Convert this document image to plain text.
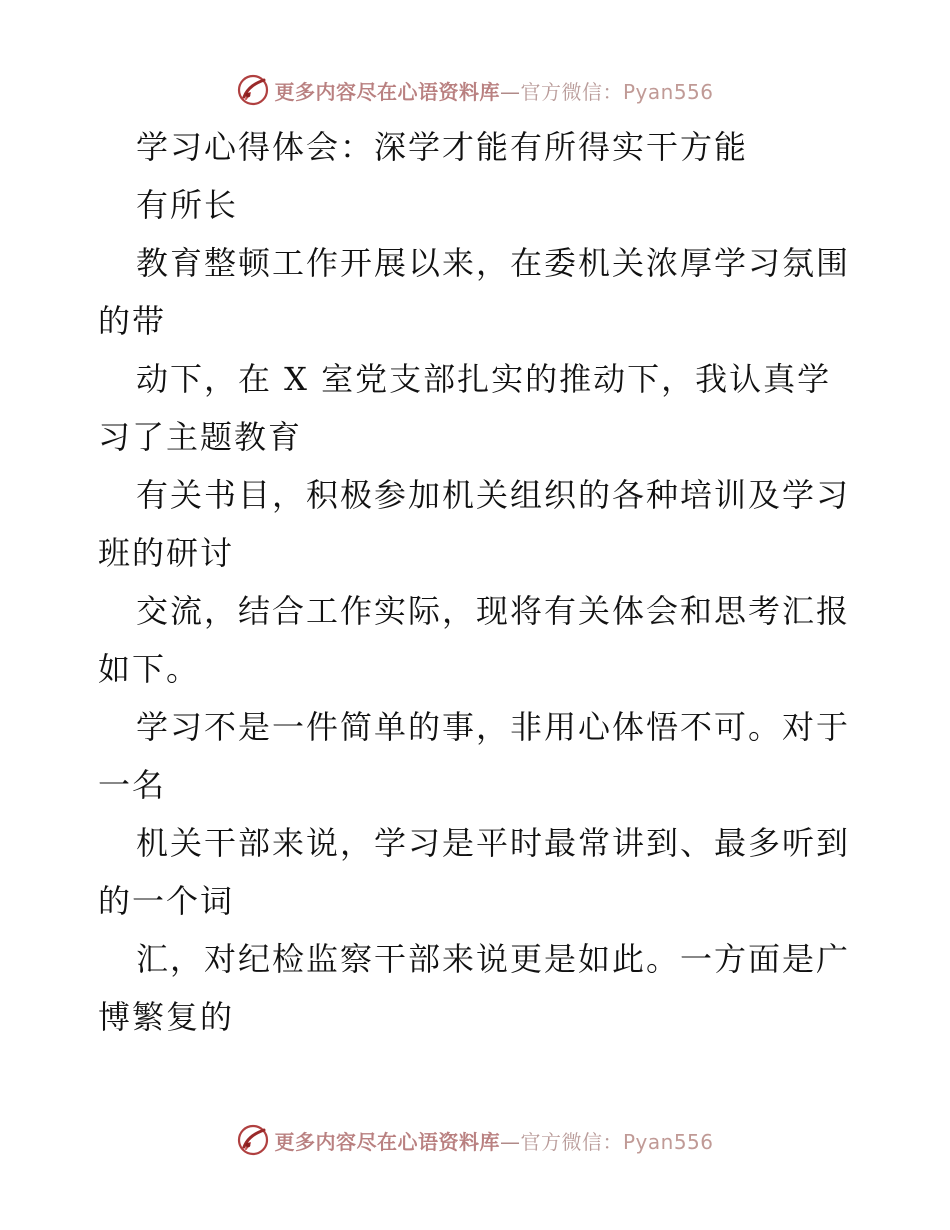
更多内容尽在心语资料库—官方微信：Pyan556
学习心得体会：深学才能有所得实干方能
有所长
教育整顿工作开展以来，在委机关浓厚学习氛围
的带
动下，在 X 室党支部扎实的推动下，我认真学
习了主题教育
有关书目，积极参加机关组织的各种培训及学习
班的研讨
交流，结合工作实际，现将有关体会和思考汇报
如下。
学习不是一件简单的事，非用心体悟不可。对于
一名
机关干部来说，学习是平时最常讲到、最多听到
的一个词
汇，对纪检监察干部来说更是如此。一方面是广
博繁复的
更多内容尽在心语资料库—官方微信：Pyan556
